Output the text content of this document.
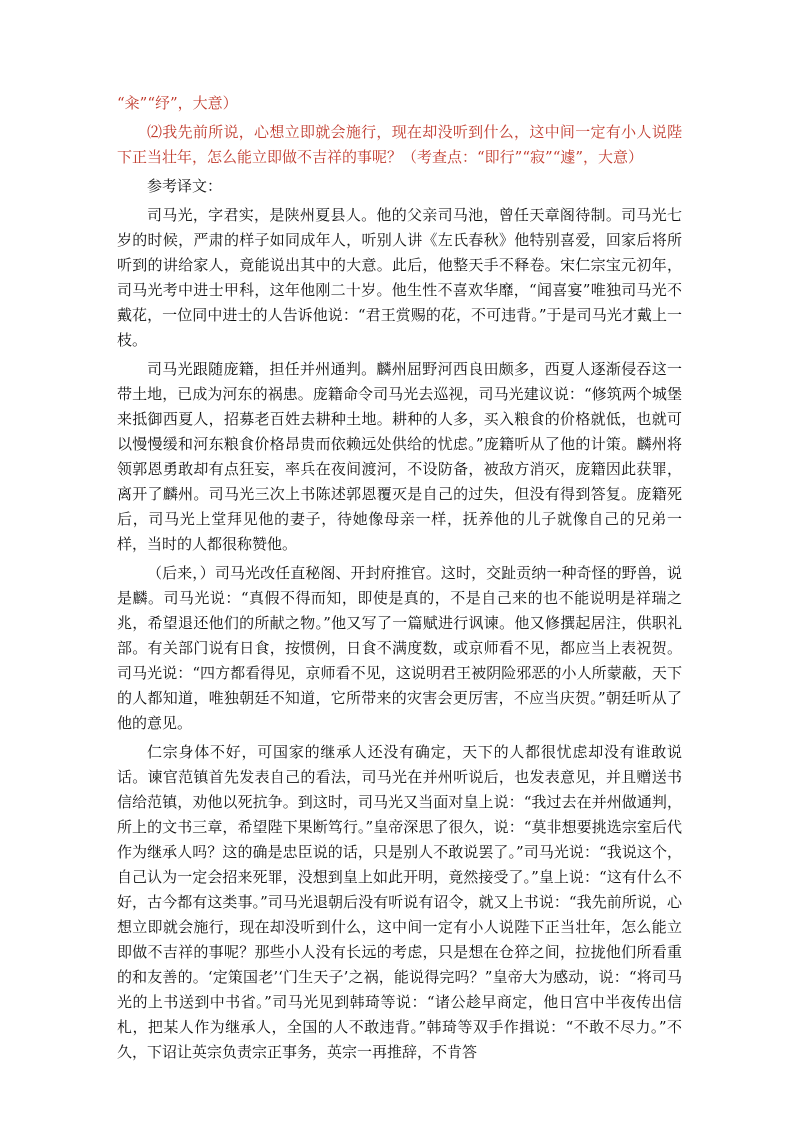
“籴”“纾”，大意）

⑵我先前所说，心想立即就会施行，现在却没听到什么，这中间一定有小人说陛下正当壮年，怎么能立即做不吉祥的事呢？（考查点：“即行”“寂”“遽”，大意）

参考译文：

司马光，字君实，是陕州夏县人。他的父亲司马池，曾任天章阁待制。司马光七岁的时候，严肃的样子如同成年人，听别人讲《左氏春秋》他特别喜爱，回家后将所听到的讲给家人，竟能说出其中的大意。此后，他整天手不释卷。宋仁宗宝元初年，司马光考中进士甲科，这年他刚二十岁。他生性不喜欢华靡，“闻喜宴”唯独司马光不戴花，一位同中进士的人告诉他说：“君王赏赐的花，不可违背。”于是司马光才戴上一枝。

司马光跟随庞籍，担任并州通判。麟州屈野河西良田颇多，西夏人逐渐侵吞这一带土地，已成为河东的祸患。庞籍命令司马光去巡视，司马光建议说：“修筑两个城堡来抵御西夏人，招募老百姓去耕种土地。耕种的人多，买入粮食的价格就低，也就可以慢慢缓和河东粮食价格昂贵而依赖远处供给的忧虑。”庞籍听从了他的计策。麟州将领郭恩勇敢却有点狂妄，率兵在夜间渡河，不设防备，被敌方消灭，庞籍因此获罪，离开了麟州。司马光三次上书陈述郭恩覆灭是自己的过失，但没有得到答复。庞籍死后，司马光上堂拜见他的妻子，待她像母亲一样，抚养他的儿子就像自己的兄弟一样，当时的人都很称赞他。

（后来，）司马光改任直秘阁、开封府推官。这时，交趾贡纳一种奇怪的野兽，说是麟。司马光说：“真假不得而知，即使是真的，不是自己来的也不能说明是祥瑞之兆，希望退还他们的所献之物。”他又写了一篇赋进行讽谏。他又修撰起居注，供职礼部。有关部门说有日食，按惯例，日食不满度数，或京师看不见，都应当上表祝贺。司马光说：“四方都看得见，京师看不见，这说明君王被阴险邪恶的小人所蒙蔽，天下的人都知道，唯独朝廷不知道，它所带来的灾害会更厉害，不应当庆贺。”朝廷听从了他的意见。

仁宗身体不好，可国家的继承人还没有确定，天下的人都很忧虑却没有谁敢说话。谏官范镇首先发表自己的看法，司马光在并州听说后，也发表意见，并且赠送书信给范镇，劝他以死抗争。到这时，司马光又当面对皇上说：“我过去在并州做通判，所上的文书三章，希望陛下果断笃行。”皇帝深思了很久，说：“莫非想要挑选宗室后代作为继承人吗？这的确是忠臣说的话，只是别人不敢说罢了。”司马光说：“我说这个，自己认为一定会招来死罪，没想到皇上如此开明，竟然接受了。”皇上说：“这有什么不好，古今都有这类事。”司马光退朝后没有听说有诏令，就又上书说：“我先前所说，心想立即就会施行，现在却没听到什么，这中间一定有小人说陛下正当壮年，怎么能立即做不吉祥的事呢？那些小人没有长远的考虑，只是想在仓猝之间，拉拢他们所看重的和友善的。‘定策国老’‘门生天子’之祸，能说得完吗？”皇帝大为感动，说：“将司马光的上书送到中书省。”司马光见到韩琦等说：“诸公趁早商定，他日宫中半夜传出信札，把某人作为继承人，全国的人不敢违背。”韩琦等双手作揖说：“不敢不尽力。”不久，下诏让英宗负责宗正事务，英宗一再推辞，不肯答
